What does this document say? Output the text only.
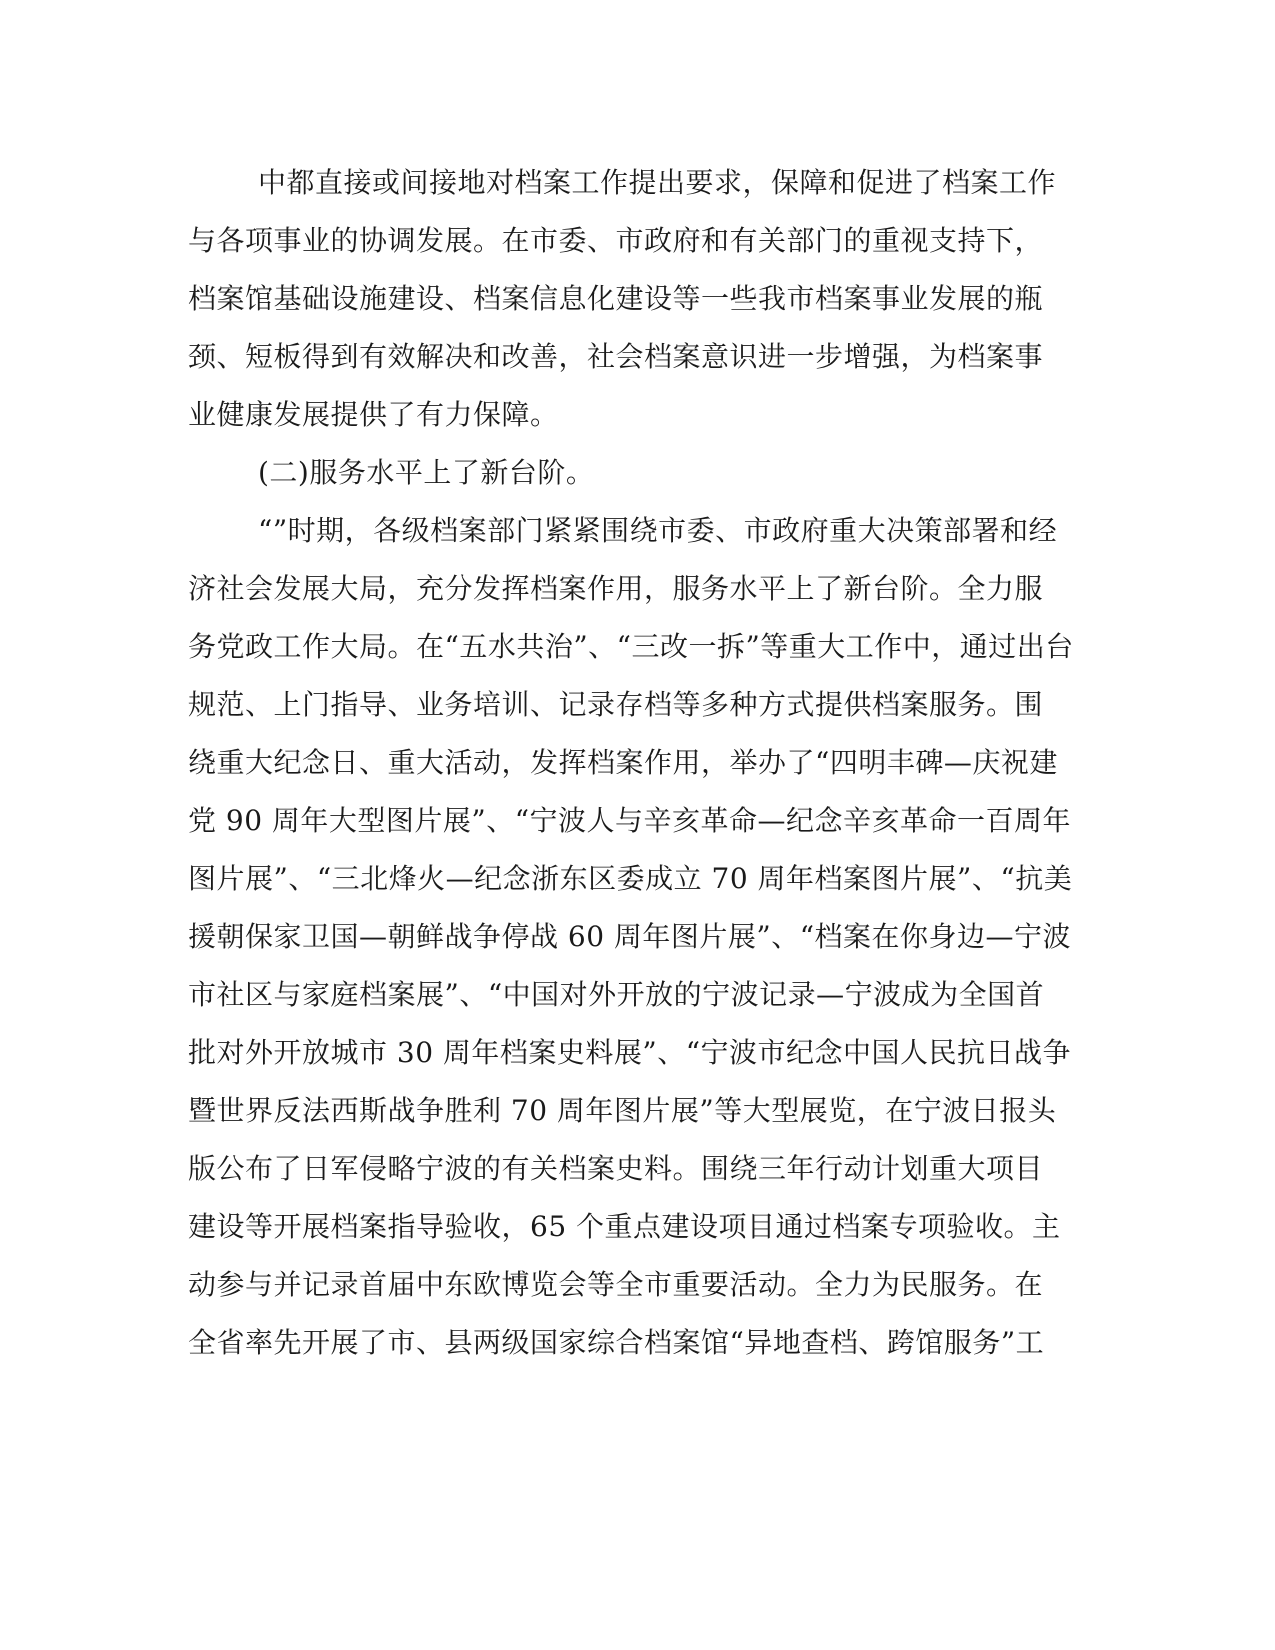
中都直接或间接地对档案工作提出要求，保障和促进了档案工作

与各项事业的协调发展。在市委、市政府和有关部门的重视支持下，

档案馆基础设施建设、档案信息化建设等一些我市档案事业发展的瓶

颈、短板得到有效解决和改善，社会档案意识进一步增强，为档案事

业健康发展提供了有力保障。

(二)服务水平上了新台阶。

“”时期，各级档案部门紧紧围绕市委、市政府重大决策部署和经

济社会发展大局，充分发挥档案作用，服务水平上了新台阶。全力服

务党政工作大局。在“五水共治”、“三改一拆”等重大工作中，通过出台

规范、上门指导、业务培训、记录存档等多种方式提供档案服务。围

绕重大纪念日、重大活动，发挥档案作用，举办了“四明丰碑—庆祝建

党 90 周年大型图片展”、“宁波人与辛亥革命—纪念辛亥革命一百周年

图片展”、“三北烽火—纪念浙东区委成立 70 周年档案图片展”、“抗美

援朝保家卫国—朝鲜战争停战 60 周年图片展”、“档案在你身边—宁波

市社区与家庭档案展”、“中国对外开放的宁波记录—宁波成为全国首

批对外开放城市 30 周年档案史料展”、“宁波市纪念中国人民抗日战争

暨世界反法西斯战争胜利 70 周年图片展”等大型展览，在宁波日报头

版公布了日军侵略宁波的有关档案史料。围绕三年行动计划重大项目

建设等开展档案指导验收，65 个重点建设项目通过档案专项验收。主

动参与并记录首届中东欧博览会等全市重要活动。全力为民服务。在

全省率先开展了市、县两级国家综合档案馆“异地查档、跨馆服务”工
